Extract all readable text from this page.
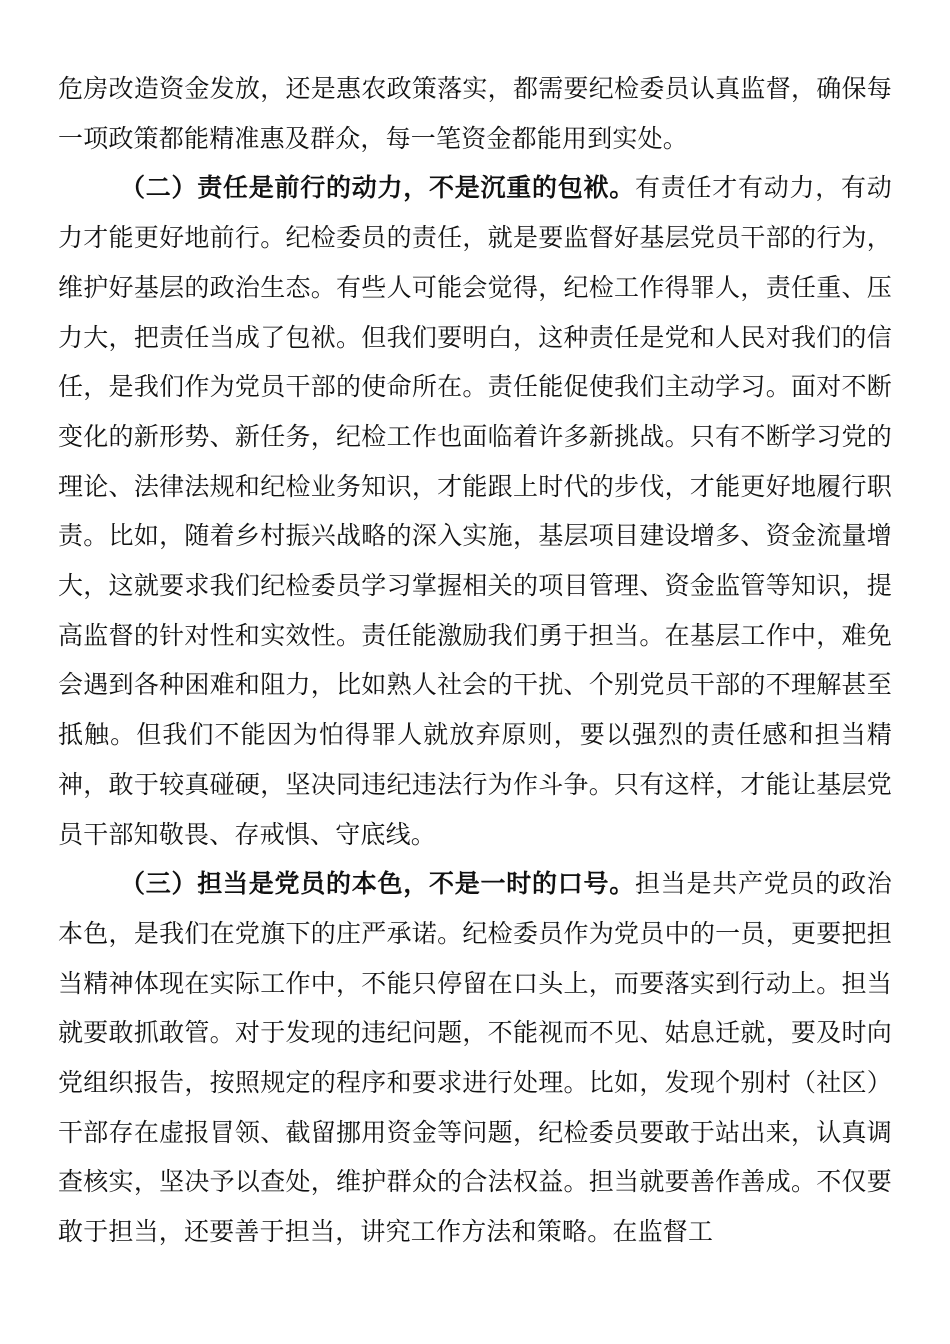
危房改造资金发放，还是惠农政策落实，都需要纪检委员认真监督，确保每一项政策都能精准惠及群众，每一笔资金都能用到实处。

（二）责任是前行的动力，不是沉重的包袱。有责任才有动力，有动力才能更好地前行。纪检委员的责任，就是要监督好基层党员干部的行为，维护好基层的政治生态。有些人可能会觉得，纪检工作得罪人，责任重、压力大，把责任当成了包袱。但我们要明白，这种责任是党和人民对我们的信任，是我们作为党员干部的使命所在。责任能促使我们主动学习。面对不断变化的新形势、新任务，纪检工作也面临着许多新挑战。只有不断学习党的理论、法律法规和纪检业务知识，才能跟上时代的步伐，才能更好地履行职责。比如，随着乡村振兴战略的深入实施，基层项目建设增多、资金流量增大，这就要求我们纪检委员学习掌握相关的项目管理、资金监管等知识，提高监督的针对性和实效性。责任能激励我们勇于担当。在基层工作中，难免会遇到各种困难和阻力，比如熟人社会的干扰、个别党员干部的不理解甚至抵触。但我们不能因为怕得罪人就放弃原则，要以强烈的责任感和担当精神，敢于较真碰硬，坚决同违纪违法行为作斗争。只有这样，才能让基层党员干部知敬畏、存戒惧、守底线。

（三）担当是党员的本色，不是一时的口号。担当是共产党员的政治本色，是我们在党旗下的庄严承诺。纪检委员作为党员中的一员，更要把担当精神体现在实际工作中，不能只停留在口头上，而要落实到行动上。担当就要敢抓敢管。对于发现的违纪问题，不能视而不见、姑息迁就，要及时向党组织报告，按照规定的程序和要求进行处理。比如，发现个别村（社区）干部存在虚报冒领、截留挪用资金等问题，纪检委员要敢于站出来，认真调查核实，坚决予以查处，维护群众的合法权益。担当就要善作善成。不仅要敢于担当，还要善于担当，讲究工作方法和策略。在监督工
